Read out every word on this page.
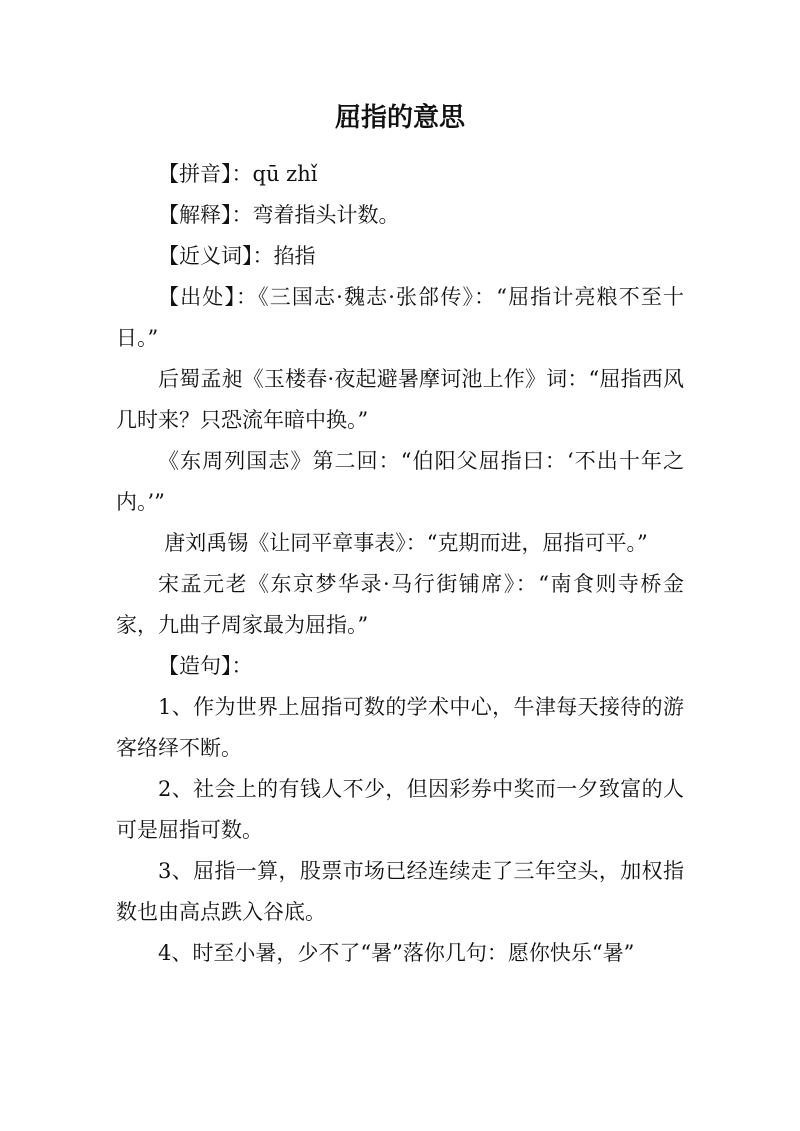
屈指的意思

【拼音】：qū zhǐ

【解释】：弯着指头计数。

【近义词】：掐指

【出处】：《三国志·魏志·张郃传》：“屈指计亮粮不至十日。”

后蜀孟昶《玉楼春·夜起避暑摩诃池上作》词：“屈指西风几时来？只恐流年暗中换。”

《东周列国志》第二回：“伯阳父屈指曰：‘不出十年之内。’”

唐刘禹锡《让同平章事表》：“克期而进，屈指可平。”

宋孟元老《东京梦华录·马行街铺席》：“南食则寺桥金家，九曲子周家最为屈指。”

【造句】：

1、作为世界上屈指可数的学术中心，牛津每天接待的游客络绎不断。

2、社会上的有钱人不少，但因彩券中奖而一夕致富的人可是屈指可数。

3、屈指一算，股票市场已经连续走了三年空头，加权指数也由高点跌入谷底。

4、时至小暑，少不了“暑”落你几句：愿你快乐“暑”
